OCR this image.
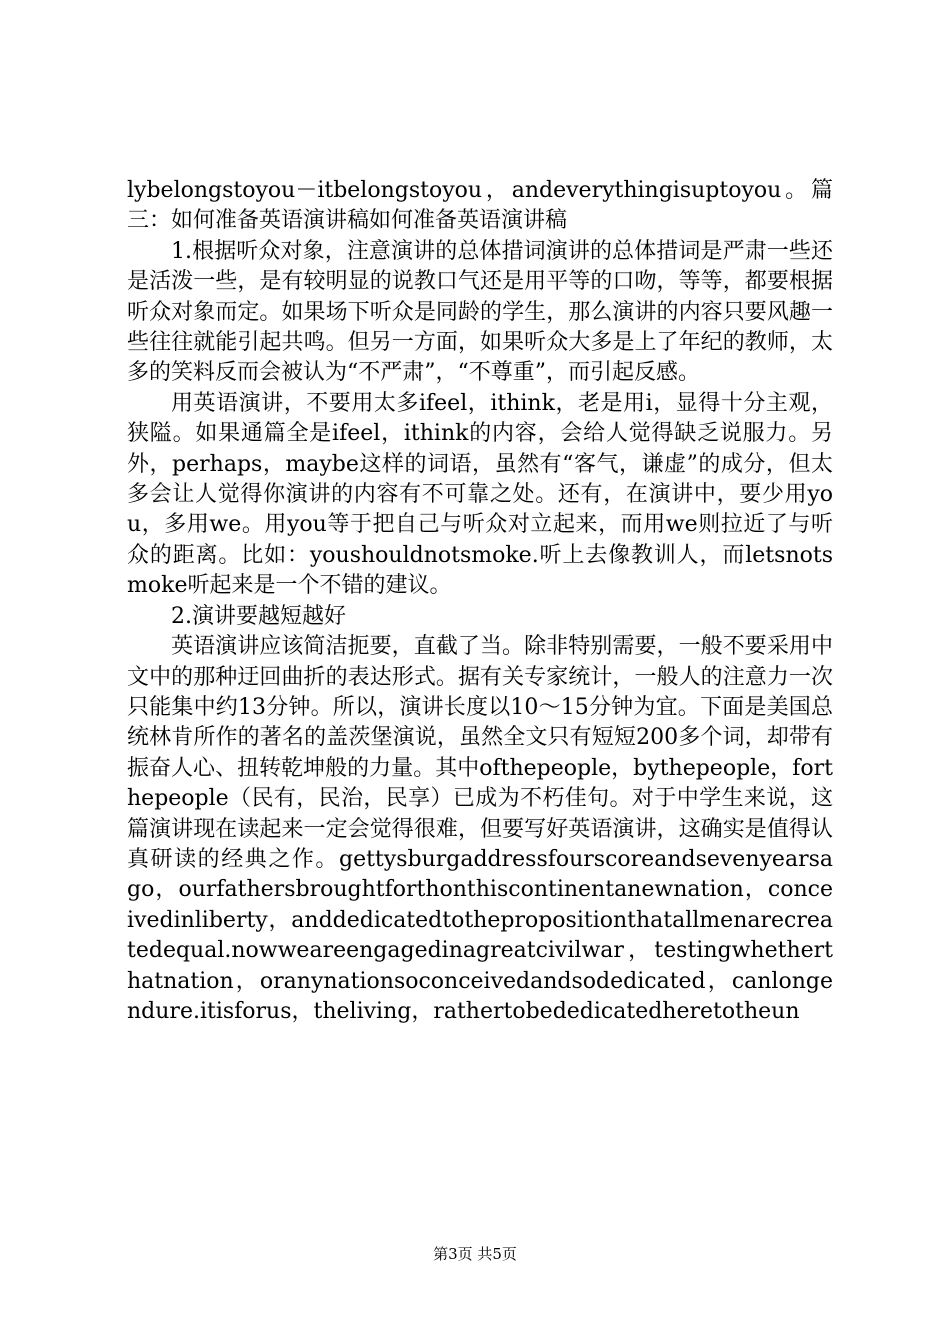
lybelongstoyou－itbelongstoyou，andeverythingisuptoyou。篇三：如何准备英语演讲稿如何准备英语演讲稿

1.根据听众对象，注意演讲的总体措词演讲的总体措词是严肃一些还是活泼一些，是有较明显的说教口气还是用平等的口吻，等等，都要根据听众对象而定。如果场下听众是同龄的学生，那么演讲的内容只要风趣一些往往就能引起共鸣。但另一方面，如果听众大多是上了年纪的教师，太多的笑料反而会被认为“不严肃”，“不尊重”，而引起反感。

用英语演讲，不要用太多ifeel，ithink，老是用i，显得十分主观，狭隘。如果通篇全是ifeel，ithink的内容，会给人觉得缺乏说服力。另外，perhaps，maybe这样的词语，虽然有“客气，谦虚”的成分，但太多会让人觉得你演讲的内容有不可靠之处。还有，在演讲中，要少用you，多用we。用you等于把自己与听众对立起来，而用we则拉近了与听众的距离。比如：youshouldnotsmoke.听上去像教训人，而letsnotsmoke听起来是一个不错的建议。

2.演讲要越短越好

英语演讲应该简洁扼要，直截了当。除非特别需要，一般不要采用中文中的那种迂回曲折的表达形式。据有关专家统计，一般人的注意力一次只能集中约13分钟。所以，演讲长度以10～15分钟为宜。下面是美国总统林肯所作的著名的盖茨堡演说，虽然全文只有短短200多个词，却带有振奋人心、扭转乾坤般的力量。其中ofthepeople，bythepeople，forthepeople（民有，民治，民享）已成为不朽佳句。对于中学生来说，这篇演讲现在读起来一定会觉得很难，但要写好英语演讲，这确实是值得认真研读的经典之作。gettysburgaddressfourscoreandsevenyearsago，ourfathersbroughtforthonthiscontinentanewnation，conceivedinliberty，anddedicatedtothepropositionthatallmenarecreatedequal.nowweareengagedinagreatcivilwar，testingwhetherthatnation，oranynationsoconceivedandsodedicated，canlongendure.itisforus，theliving，rathertobededicatedheretotheun

第3页 共5页
